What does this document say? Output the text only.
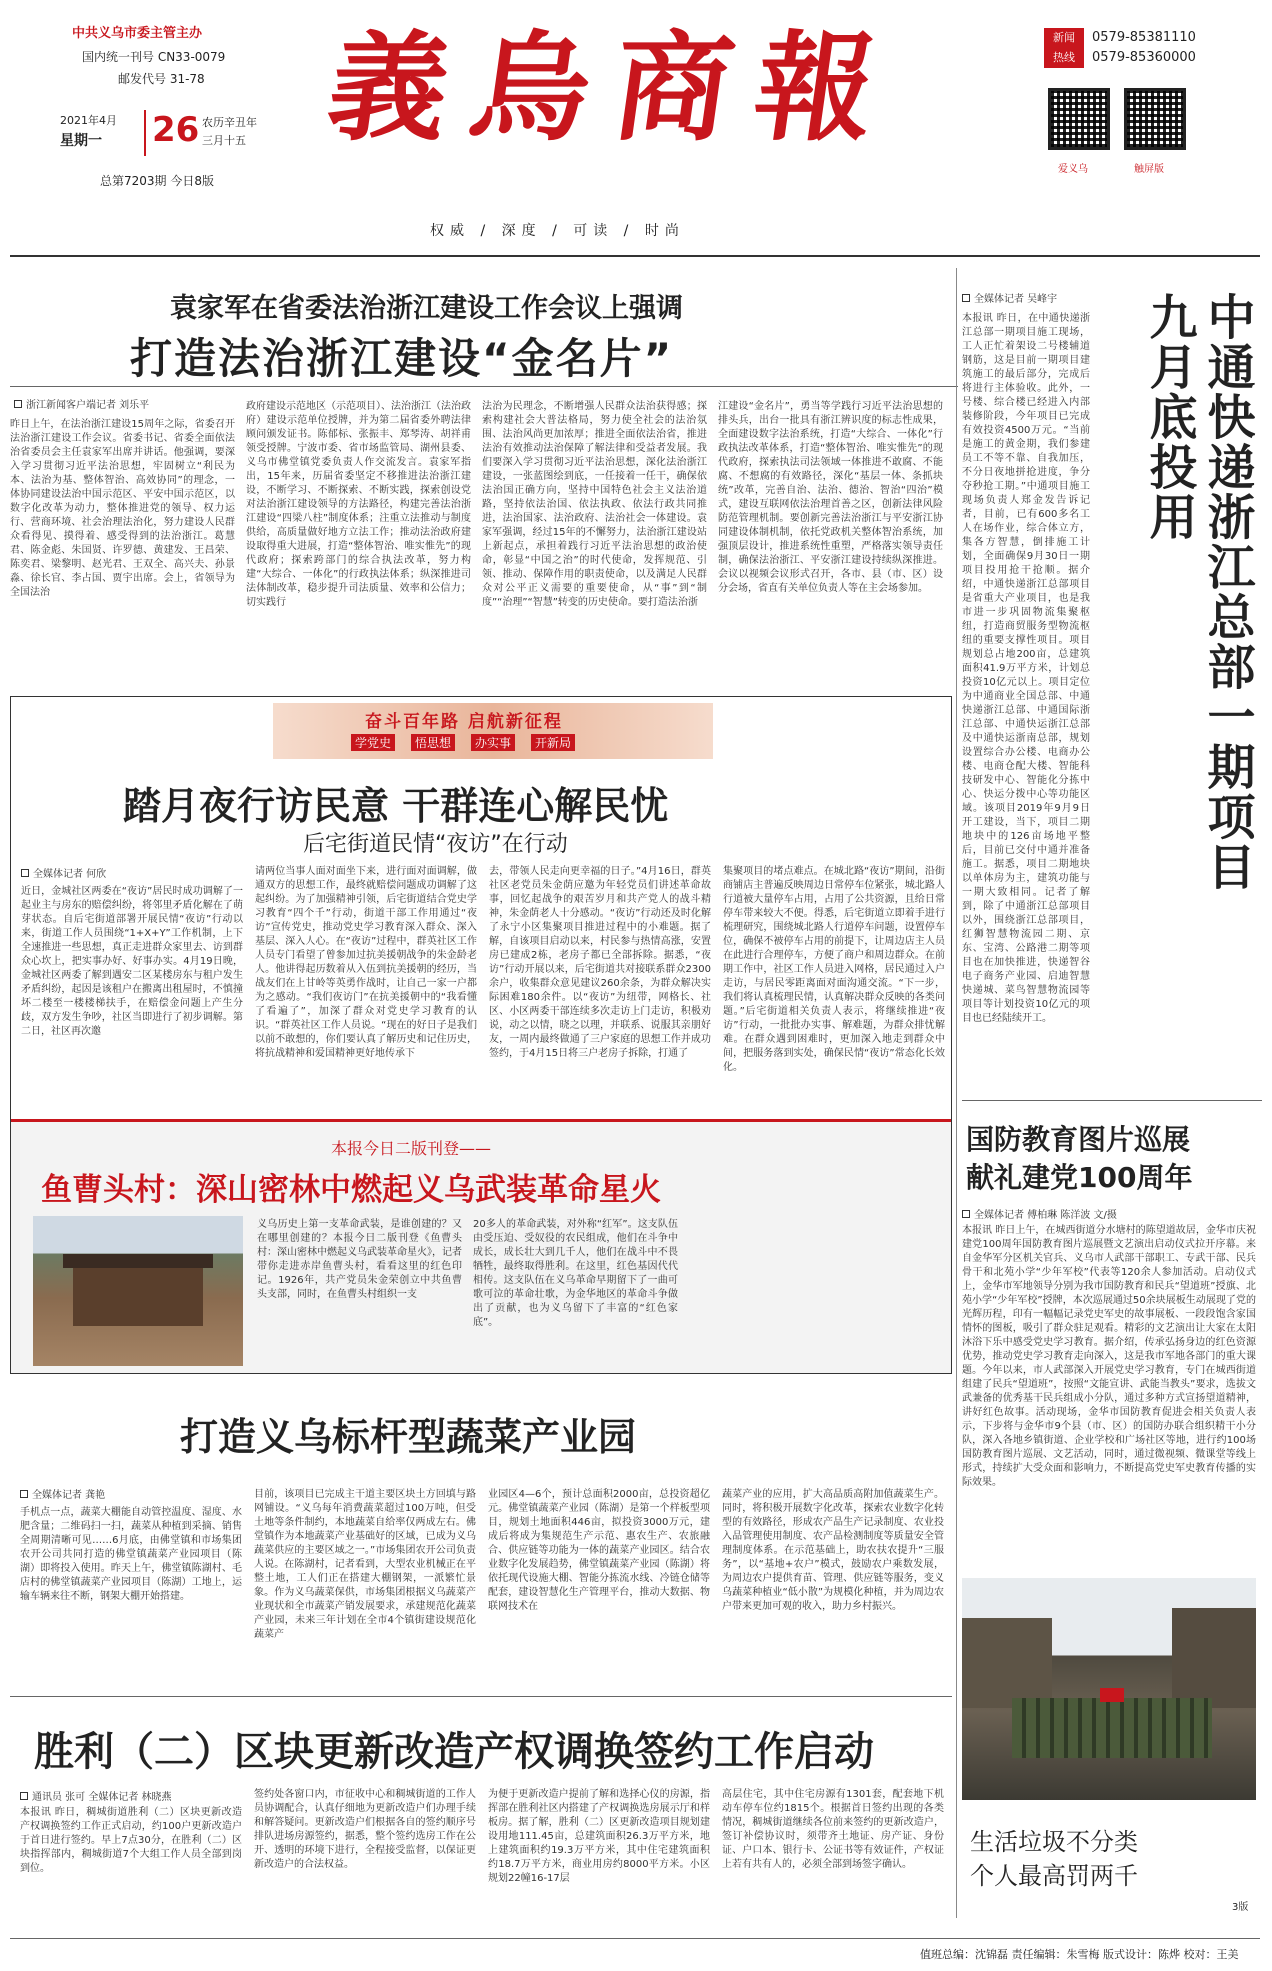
中共义乌市委主管主办
国内统一刊号 CN33-0079
邮发代号 31-78
2021年4月
星期一 26 农历辛丑年
三月十五
总第7203期 今日8版
義烏商報
权威 / 深度 / 可读 / 时尚
新闻
热线
0579-85381110
0579-85360000
爱义乌	触屏版
袁家军在省委法治浙江建设工作会议上强调
打造法治浙江建设“金名片”
浙江新闻客户端记者 刘乐平
昨日上午，在法治浙江建设15周年之际，省委召开法治浙江建设工作会议。省委书记、省委全面依法治省委员会主任袁家军出席并讲话。他强调，要深入学习贯彻习近平法治思想，牢固树立“利民为本、法治为基、整体智治、高效协同”的理念，一体协同建设法治中国示范区、平安中国示范区，以数字化改革为动力，整体推进党的领导、权力运行、营商环境、社会治理法治化，努力建设人民群众看得见、摸得着、感受得到的法治浙江。葛慧君、陈金彪、朱国贤、许罗德、黄建发、王昌荣、陈奕君、梁黎明、赵光君、王双全、高兴夫、孙景淼、徐长官、李占国、贾宇出席。会上，省领导为全国法治
政府建设示范地区（示范项目）、法治浙江（法治政府）建设示范单位授牌，并为第二届省委外聘法律顾问颁发证书。陈郁标、张振丰、郑琴涛、胡祥甫领受授牌。宁波市委、省市场监管局、湖州县委、义乌市佛堂镇党委负责人作交流发言。袁家军指出，15年来，历届省委坚定不移推进法治浙江建设，不断学习、不断探索、不断实践，探索创设党对法治浙江建设领导的方法路径，构建完善法治浙江建设“四梁八柱”制度体系；注重立法推动与制度供给，高质量做好地方立法工作；推动法治政府建设取得重大进展，打造“整体智治、唯实惟先”的现代政府；探索跨部门的综合执法改革，努力构建“大综合、一体化”的行政执法体系；纵深推进司法体制改革，稳步提升司法质量、效率和公信力；切实践行
法治为民理念，不断增强人民群众法治获得感；探索构建社会大普法格局，努力使全社会的法治氛围、法治风尚更加浓厚；推进全面依法治省，推进法治有效推动法治保障了解法律和受益者发展。我们要深入学习贯彻习近平法治思想，深化法治浙江建设，一张蓝图绘到底，一任接着一任干，确保依法治国正确方向，坚持中国特色社会主义法治道路，坚持依法治国、依法执政、依法行政共同推进，法治国家、法治政府、法治社会一体建设。袁家军强调，经过15年的不懈努力，法治浙江建设站上新起点，承担着践行习近平法治思想的政治使命，彰显“中国之治”的时代使命，发挥规范、引领、推动、保障作用的职责使命，以及满足人民群众对公平正义需要的重要使命，从“事”到“制度”“治理”“智慧”转变的历史使命。要打造法治浙
江建设“金名片”，勇当等学践行习近平法治思想的排头兵，出台一批具有浙江辨识度的标志性成果，全面建设数字法治系统，打造“大综合、一体化”行政执法改革体系，打造“整体智治、唯实惟先”的现代政府，探索执法司法领域一体推进不敢腐、不能腐、不想腐的有效路径，深化“基层一体、条抓块统”改革，完善自治、法治、德治、智治“四治”模式，建设互联网依法治理首善之区，创新法律风险防范管理机制。要创新完善法治浙江与平安浙江协同建设体制机制，依托党政机关整体智治系统，加强顶层设计，推进系统性重塑，严格落实领导责任制，确保法治浙江、平安浙江建设持续纵深推进。会议以视频会议形式召开，各市、县（市、区）设分会场，省直有关单位负责人等在主会场参加。
全媒体记者 吴峰宇
本报讯 昨日，在中通快递浙江总部一期项目施工现场，工人正忙着架设二号楼辅道钢筋，这是目前一期项目建筑施工的最后部分，完成后将进行主体验收。此外，一号楼、综合楼已经进入内部装修阶段，今年项目已完成有效投资4500万元。“当前是施工的黄金期，我们参建员工不等不靠、自我加压，不分日夜地拼抢进度，争分夺秒抢工期。”中通项目施工现场负责人郑金发告诉记者，目前，已有600多名工人在场作业，综合体立方，集各方智慧，倒排施工计划，全面确保9月30日一期项目投用抢干抢顺。据介绍，中通快递浙江总部项目是省重大产业项目，也是我市进一步巩固物流集聚枢纽，打造商贸服务型物流枢纽的重要支撑性项目。项目规划总占地200亩，总建筑面积41.9万平方米，计划总投资10亿元以上。项目定位为中通商业全国总部、中通快递浙江总部、中通国际浙江总部、中通快运浙江总部及中通快运浙南总部，规划设置综合办公楼、电商办公楼、电商仓配大楼、智能科技研发中心、智能化分拣中心、快运分拨中心等功能区域。该项目2019年9月9日开工建设，当下，项目二期地块中的126亩场地平整后，目前已交付中通并准备施工。据悉，项目二期地块以单体房为主，建筑功能与一期大致相同。记者了解到，除了中通浙江总部项目以外，围绕浙江总部项目，红狮智慧物流园二期、京东、宝湾、公路港二期等项目也在加快推进，快递智谷电子商务产业园、启迪智慧快递城、菜鸟智慧物流园等项目等计划投资10亿元的项目也已经陆续开工。
中通快递浙江总部一期项目九月底投用
奋斗百年路 启航新征程
学党史	悟思想	办实事	开新局
踏月夜行访民意 干群连心解民忧
后宅街道民情“夜访”在行动
全媒体记者 何欣
近日，金城社区两委在“夜访”居民时成功调解了一起业主与房东的赔偿纠纷，将邻里矛盾化解在了萌芽状态。自后宅街道部署开展民情“夜访”行动以来，街道工作人员围绕“1+X+Y”工作机制，上下全速推进一些思想，真正走进群众家里去、访到群众心坎上，把实事办好、好事办实。4月19日晚，金城社区两委了解到遇安二区某楼房东与租户发生矛盾纠纷，起因是该租户在搬离出租屋时，不慎撞坏二楼至一楼楼梯扶手，在赔偿金问题上产生分歧，双方发生争吵，社区当即进行了初步调解。第二日，社区再次邀
请两位当事人面对面坐下来，进行面对面调解，做通双方的思想工作，最终就赔偿问题成功调解了这起纠纷。为了加强精神引领，后宅街道结合党史学习教育“四个千”行动，街道干部工作用通过“夜访”宣传党史，推动党史学习教育深入群众、深入基层、深入人心。在“夜访”过程中，群英社区工作人员专门看望了曾参加过抗美援朝战争的朱金龄老人。他讲得起历数着从入伍到抗美援朝的经历，当战友们在上甘岭等英勇作战时，让自己一家一户都为之感动。“我们夜访门”在抗美援朝中的“我看懂了看遍了”，加深了群众对党史学习教育的认识。“群英社区工作人员说。“现在的好日子是我们以前不敢想的，你们要认真了解历史和记住历史，将抗战精神和爱国精神更好地传承下
去，带领人民走向更幸福的日子。”4月16日，群英社区老党员朱金荫应邀为年轻党员们讲述革命故事，回忆起战争的艰苦岁月和共产党人的战斗精神，朱金荫老人十分感动。“夜访”行动还及时化解了永宁小区集聚项目推进过程中的小难题。据了解，自该项目启动以来，村民参与热情高涨，安置房已建成2栋，老房子都已全部拆除。据悉，“夜访”行动开展以来，后宅街道共对接联系群众2300余户，收集群众意见建议260余条，为群众解决实际困难180余件。以“夜访”为纽带，网格长、社区、小区两委干部连续多次走访上门走访，积极劝说，动之以情，晓之以理，并联系、说服其亲朋好友，一周内最终做通了三户家庭的思想工作并成功签约，于4月15日将三户老房子拆除，打通了
集聚项目的堵点难点。在城北路“夜访”期间，沿街商铺店主普遍反映周边日常停车位紧张，城北路人行道被大量停车占用，占用了公共资源，且给日常停车带来较大不便。得悉，后宅街道立即着手进行梳理研究，围绕城北路人行道停车问题，设置停车位，确保不被停车占用的前提下，让周边店主人员在此进行合理停车，方便了商户和周边群众。在前期工作中，社区工作人员进入网格，居民通过入户走访，与居民零距离面对面沟通交流。“下一步，我们将认真梳理民情，认真解决群众反映的各类问题。”后宅街道相关负责人表示，将继续推进“夜访”行动，一批批办实事、解难题，为群众排忧解难。在群众遇到困难时，更加深入地走到群众中间，把服务落到实处，确保民情“夜访”常态化长效化。
本报今日二版刊登——
鱼曹头村：深山密林中燃起义乌武装革命星火
义乌历史上第一支革命武装，是谁创建的？又在哪里创建的？本报今日二版刊登《鱼曹头村：深山密林中燃起义乌武装革命星火》，记者带你走进赤岸鱼曹头村，看看这里的红色印记。1926年，共产党员朱金荣创立中共鱼曹头支部，同时，在鱼曹头村组织一支
20多人的革命武装，对外称“红军”。这支队伍由受压迫、受奴役的农民组成，他们在斗争中成长，成长壮大到几千人，他们在战斗中不畏牺牲，最终取得胜利。在这里，红色基因代代相传。这支队伍在义乌革命早期留下了一曲可歌可泣的革命壮歌，为金华地区的革命斗争做出了贡献，也为义乌留下了丰富的“红色家底”。
打造义乌标杆型蔬菜产业园
全媒体记者 龚艳
手机点一点，蔬菜大棚能自动管控温度、湿度、水肥含量；二维码扫一扫，蔬菜从种植到采摘、销售全周期清晰可见……6月底，由佛堂镇和市场集团农开公司共同打造的佛堂镇蔬菜产业园项目（陈湖）即将投入使用。昨天上午，佛堂镇陈湖村、毛店村的佛堂镇蔬菜产业园项目（陈湖）工地上，运输车辆来往不断，钢架大棚开始搭建。
目前，该项目已完成主干道主要区块土方回填与路网铺设。“义乌每年消费蔬菜超过100万吨，但受土地等条件制约，本地蔬菜自给率仅两成左右。佛堂镇作为本地蔬菜产业基础好的区域，已成为义乌蔬菜供应的主要区域之一。”市场集团农开公司负责人说。在陈湖村，记者看到，大型农业机械正在平整土地，工人们正在搭建大棚钢架，一派繁忙景象。作为义乌蔬菜保供，市场集团根据义乌蔬菜产业现状和全市蔬菜产销发展要求，承建规范化蔬菜产业园，未来三年计划在全市4个镇街建设规范化蔬菜产
业园区4—6个，预计总面积2000亩，总投资超亿元。佛堂镇蔬菜产业园（陈湖）是第一个样板型项目，规划土地面积446亩，拟投资3000万元，建成后将成为集规范生产示范、惠农生产、农旅融合、供应链等功能为一体的蔬菜产业园区。结合农业数字化发展趋势，佛堂镇蔬菜产业园（陈湖）将依托现代设施大棚、智能分拣流水线、冷链仓储等配套，建设智慧化生产管理平台，推动大数据、物联网技术在
蔬菜产业的应用，扩大高品质高附加值蔬菜生产。同时，将积极开展数字化改革，探索农业数字化转型的有效路径，形成农产品生产记录制度、农业投入品管理使用制度、农产品检测制度等质量安全管理制度体系。在示范基础上，助农扶农提升“三服务”，以“基地+农户”模式，鼓励农户乘数发展，为周边农户提供育苗、管理、供应链等服务，变义乌蔬菜种植业“低小散”为规模化种植，并为周边农户带来更加可观的收入，助力乡村振兴。
胜利（二）区块更新改造产权调换签约工作启动
通讯员 张可 全媒体记者 林晓燕
本报讯 昨日，稠城街道胜利（二）区块更新改造产权调换签约工作正式启动，约100户更新改造户于首日进行签约。早上7点30分，在胜利（二）区块指挥部内，稠城街道7个大组工作人员全部到岗到位。
签约处各窗口内，市征收中心和稠城街道的工作人员协调配合，认真仔细地为更新改造户们办理手续和解答疑问。更新改造户们根据各自的签约顺序号排队进场房源签约，据悉，整个签约选房工作在公开、透明的环境下进行，全程接受监督，以保证更新改造户的合法权益。
为便于更新改造户提前了解和选择心仪的房源，指挥部在胜利社区内搭建了产权调换选房展示厅和样板房。据了解，胜利（二）区更新改造项目规划建设用地111.45亩，总建筑面积26.3万平方米，地上建筑面积约19.3万平方米，其中住宅建筑面积约18.7万平方米，商业用房约8000平方米。小区规划22幢16-17层
高层住宅，其中住宅房源有1301套，配套地下机动车停车位约1815个。根据首日签约出现的各类情况，稠城街道继续各位前来签约的更新改造户，签订补偿协议时，须带齐土地证、房产证、身份证、户口本、银行卡、公证书等有效证件，产权证上若有共有人的，必须全部到场签字确认。
国防教育图片巡展
献礼建党100周年
全媒体记者 傅柏琳 陈洋波 文/摄
本报讯 昨日上午，在城西街道分水塘村的陈望道故居，金华市庆祝建党100周年国防教育图片巡展暨文艺演出启动仪式拉开序幕。来自金华军分区机关官兵、义乌市人武部干部职工、专武干部、民兵骨干和北苑小学“少年军校”代表等120余人参加活动。启动仪式上，金华市军地领导分别为我市国防教育和民兵“望道班”授旗、北苑小学“少年军校”授牌，本次巡展通过50余块展板生动展现了党的光辉历程，印有一幅幅记录党史军史的故事展板、一段段饱含家国情怀的图板，吸引了群众驻足观看。精彩的文艺演出让大家在太阳沐浴下乐中感受党史学习教育。据介绍，传承弘扬身边的红色资源优势，推动党史学习教育走向深入，这是我市军地各部门的重大课题。今年以来，市人武部深入开展党史学习教育，专门在城西街道组建了民兵“望道班”，按照“文能宣讲、武能当教头”要求，选拔文武兼备的优秀基干民兵组成小分队，通过多种方式宣扬望道精神，讲好红色故事。活动现场，金华市国防教育促进会相关负责人表示，下步将与金华市9个县（市、区）的国防办联合组织精干小分队，深入各地乡镇街道、企业学校和广场社区等地，进行约100场国防教育图片巡展、文艺活动，同时，通过微视频、微课堂等线上形式，持续扩大受众面和影响力，不断提高党史军史教育传播的实际效果。
生活垃圾不分类
个人最高罚两千
3版
值班总编：沈锦磊 责任编辑：朱雪梅 版式设计：陈烨 校对：王美
